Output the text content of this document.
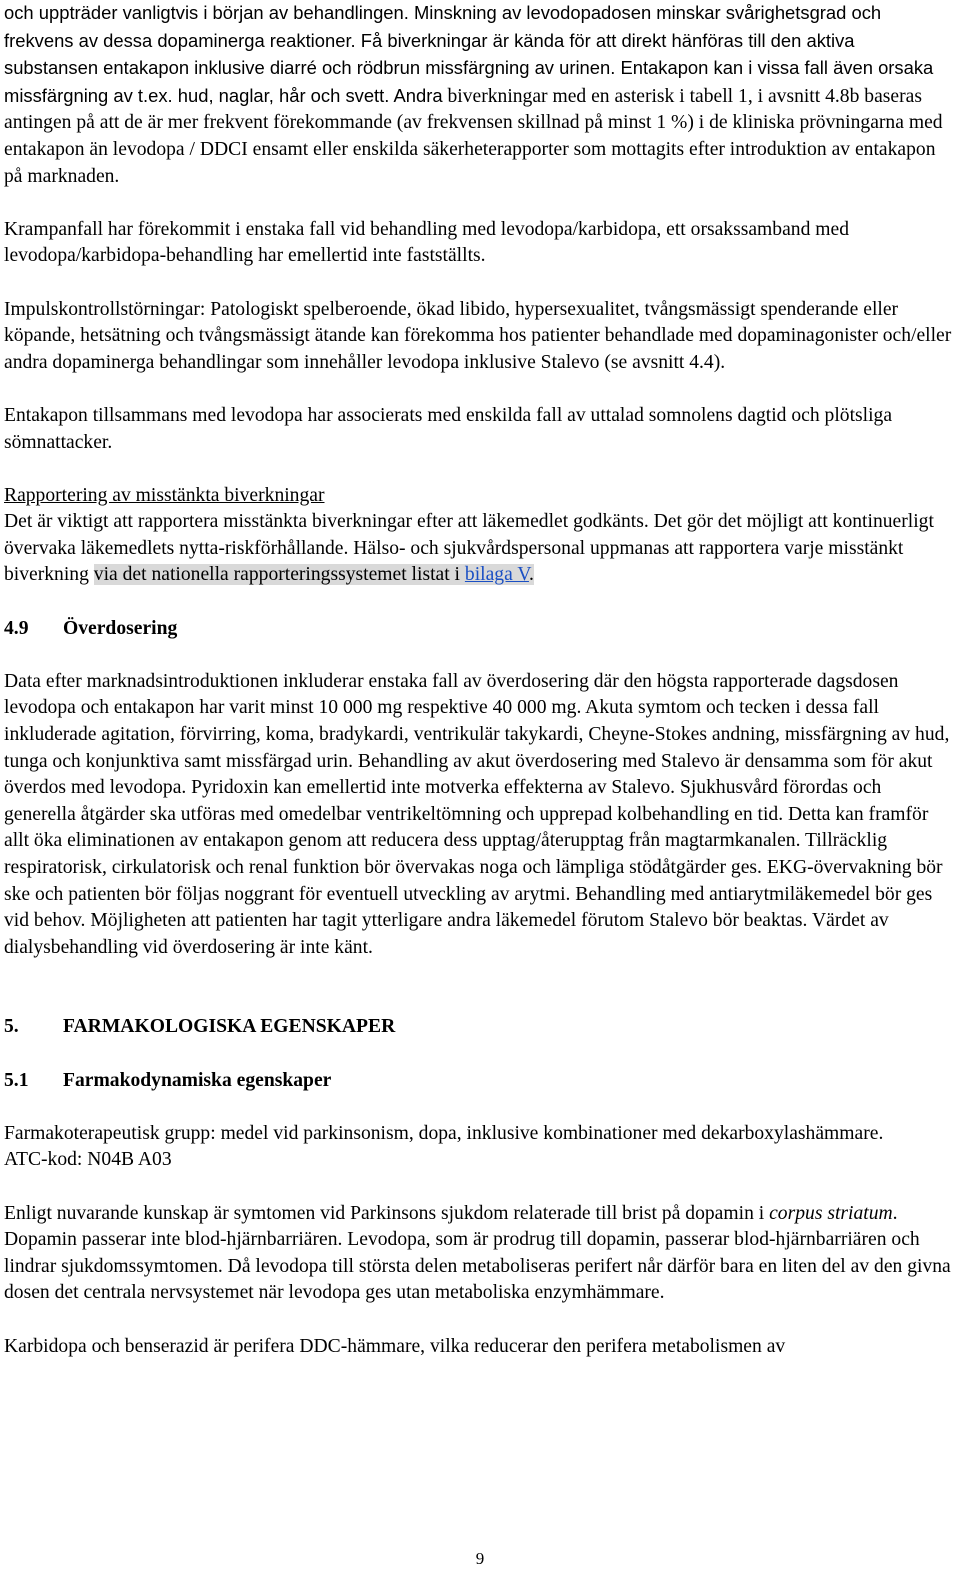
och uppträder vanligtvis i början av behandlingen. Minskning av levodopadosen minskar svårighetsgrad och frekvens av dessa dopaminerga reaktioner. Få biverkningar är kända för att direkt hänföras till den aktiva substansen entakapon inklusive diarré och rödbrun missfärgning av urinen. Entakapon kan i vissa fall även orsaka missfärgning av t.ex. hud, naglar, hår och svett. Andra biverkningar med en asterisk i tabell 1, i avsnitt 4.8b baseras antingen på att de är mer frekvent förekommande (av frekvensen skillnad på minst 1 %) i de kliniska prövningarna med entakapon än levodopa / DDCI ensamt eller enskilda säkerheterapporter som mottagits efter introduktion av entakapon på marknaden.

Krampanfall har förekommit i enstaka fall vid behandling med levodopa/karbidopa, ett orsakssamband med levodopa/karbidopa-behandling har emellertid inte fastställts.

Impulskontrollstörningar: Patologiskt spelberoende, ökad libido, hypersexualitet, tvångsmässigt spenderande eller köpande, hetsätning och tvångsmässigt ätande kan förekomma hos patienter behandlade med dopaminagonister och/eller andra dopaminerga behandlingar som innehåller levodopa inklusive Stalevo (se avsnitt 4.4).

Entakapon tillsammans med levodopa har associerats med enskilda fall av uttalad somnolens dagtid och plötsliga sömnattacker.

Rapportering av misstänkta biverkningar

Det är viktigt att rapportera misstänkta biverkningar efter att läkemedlet godkänts. Det gör det möjligt att kontinuerligt övervaka läkemedlets nytta-riskförhållande. Hälso- och sjukvårdspersonal uppmanas att rapportera varje misstänkt biverkning via det nationella rapporteringssystemet listat i bilaga V.

4.9 Överdosering

Data efter marknadsintroduktionen inkluderar enstaka fall av överdosering där den högsta rapporterade dagsdosen levodopa och entakapon har varit minst 10 000 mg respektive 40 000 mg. Akuta symtom och tecken i dessa fall inkluderade agitation, förvirring, koma, bradykardi, ventrikulär takykardi, Cheyne-Stokes andning, missfärgning av hud, tunga och konjunktiva samt missfärgad urin. Behandling av akut överdosering med Stalevo är densamma som för akut överdos med levodopa. Pyridoxin kan emellertid inte motverka effekterna av Stalevo. Sjukhusvård förordas och generella åtgärder ska utföras med omedelbar ventrikeltömning och upprepad kolbehandling en tid. Detta kan framför allt öka eliminationen av entakapon genom att reducera dess upptag/återupptag från magtarmkanalen. Tillräcklig respiratorisk, cirkulatorisk och renal funktion bör övervakas noga och lämpliga stödåtgärder ges. EKG-övervakning bör ske och patienten bör följas noggrant för eventuell utveckling av arytmi. Behandling med antiarytmiläkemedel bör ges vid behov. Möjligheten att patienten har tagit ytterligare andra läkemedel förutom Stalevo bör beaktas. Värdet av dialysbehandling vid överdosering är inte känt.

5. FARMAKOLOGISKA EGENSKAPER
5.1 Farmakodynamiska egenskaper

Farmakoterapeutisk grupp: medel vid parkinsonism, dopa, inklusive kombinationer med dekarboxylashämmare.

ATC-kod: N04B A03

Enligt nuvarande kunskap är symtomen vid Parkinsons sjukdom relaterade till brist på dopamin i corpus striatum. Dopamin passerar inte blod-hjärnbarriären. Levodopa, som är prodrug till dopamin, passerar blod-hjärnbarriären och lindrar sjukdomssymtomen. Då levodopa till största delen metaboliseras perifert når därför bara en liten del av den givna dosen det centrala nervsystemet när levodopa ges utan metaboliska enzymhämmare.

Karbidopa och benserazid är perifera DDC-hämmare, vilka reducerar den perifera metabolismen av

9
